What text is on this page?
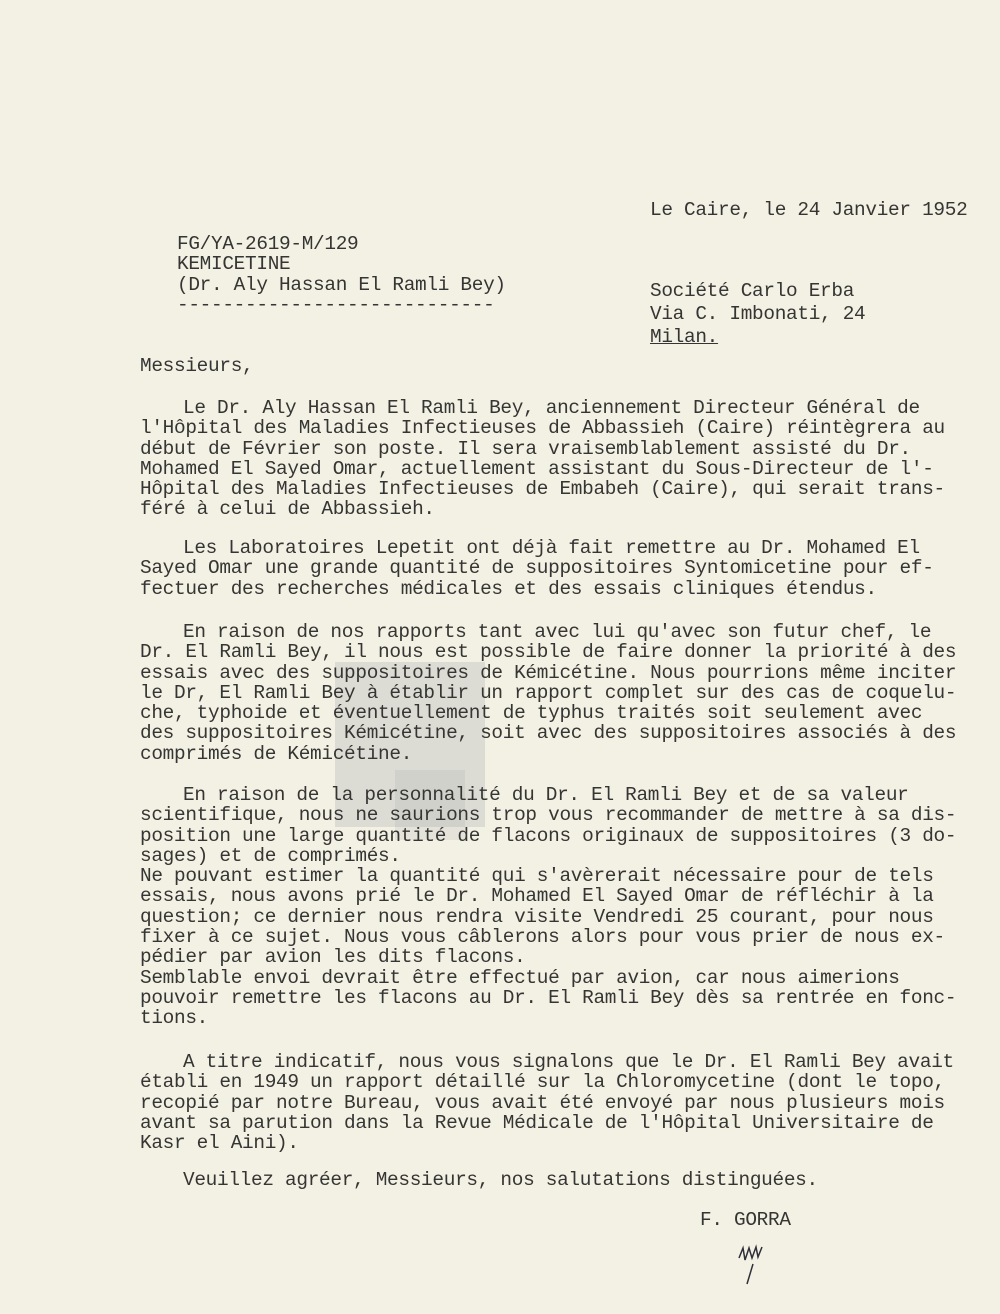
Le Caire, le 24 Janvier 1952
FG/YA-2619-M/129
KEMICETINE
(Dr. Aly Hassan El Ramli Bey)
----------------------------
Société Carlo Erba
Via C. Imbonati, 24
Milan.
Messieurs,
Le Dr. Aly Hassan El Ramli Bey, anciennement Directeur Général de
l'Hôpital des Maladies Infectieuses de Abbassieh (Caire) réintègrera au
début de Février son poste. Il sera vraisemblablement assisté du Dr.
Mohamed El Sayed Omar, actuellement assistant du Sous-Directeur de l'-
Hôpital des Maladies Infectieuses de Embabeh (Caire), qui serait trans-
féré à celui de Abbassieh.
Les Laboratoires Lepetit ont déjà fait remettre au Dr. Mohamed El
Sayed Omar une grande quantité de suppositoires Syntomicetine pour ef-
fectuer des recherches médicales et des essais cliniques étendus.
En raison de nos rapports tant avec lui qu'avec son futur chef, le
Dr. El Ramli Bey, il nous est possible de faire donner la priorité à des
essais avec des suppositoires de Kémicétine. Nous pourrions même inciter
le Dr, El Ramli Bey à établir un rapport complet sur des cas de coquelu-
che, typhoide et éventuellement de typhus traités soit seulement avec
des suppositoires Kémicétine, soit avec des suppositoires associés à des
comprimés de Kémicétine.
En raison de la personnalité du Dr. El Ramli Bey et de sa valeur
scientifique, nous ne saurions trop vous recommander de mettre à sa dis-
position une large quantité de flacons originaux de suppositoires (3 do-
sages) et de comprimés.
Ne pouvant estimer la quantité qui s'avèrerait nécessaire pour de tels
essais, nous avons prié le Dr. Mohamed El Sayed Omar de réfléchir à la
question; ce dernier nous rendra visite Vendredi 25 courant, pour nous
fixer à ce sujet. Nous vous câblerons alors pour vous prier de nous ex-
pédier par avion les dits flacons.
Semblable envoi devrait être effectué par avion, car nous aimerions
pouvoir remettre les flacons au Dr. El Ramli Bey dès sa rentrée en fonc-
tions.
A titre indicatif, nous vous signalons que le Dr. El Ramli Bey avait
établi en 1949 un rapport détaillé sur la Chloromycetine (dont le topo,
recopié par notre Bureau, vous avait été envoyé par nous plusieurs mois
avant sa parution dans la Revue Médicale de l'Hôpital Universitaire de
Kasr el Aini).
Veuillez agréer, Messieurs, nos salutations distinguées.
F. GORRA
